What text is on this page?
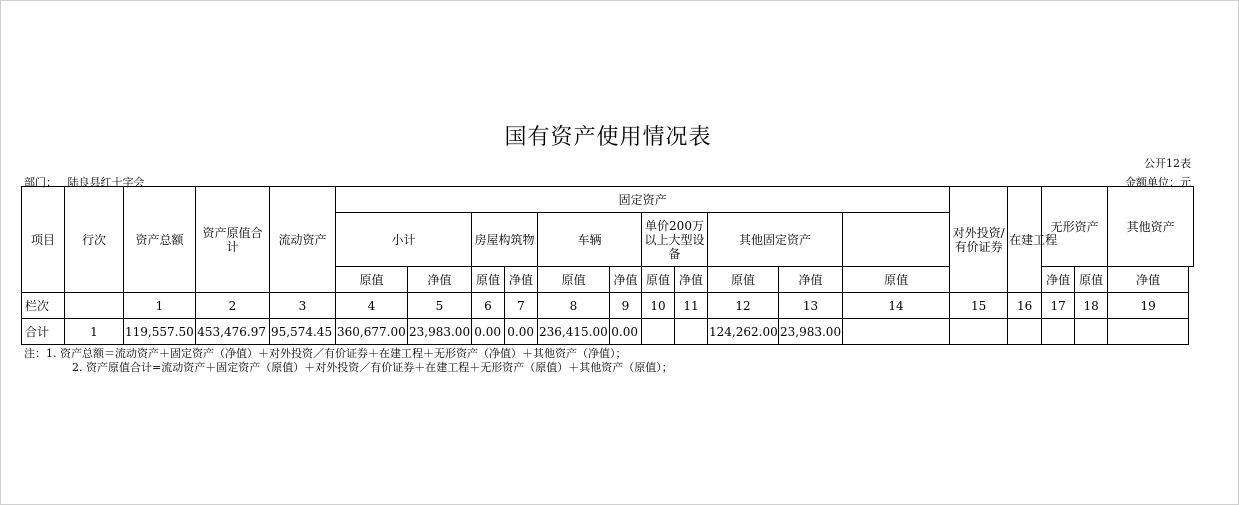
国有资产使用情况表
公开12表
部门： 陆良县红十字会	金额单位：元
项目	行次	资产总额	资产原值合计	流动资产	固定资产											对外投资/有价证券	在建工程	无形资产		其他资产
					小计		房屋构筑物		车辆		单价200万以上大型设备		其他固定资产							
					原值	净值	原值	净值	原值	净值	原值	净值	原值	净值	原值			净值	原值	净值
栏次		1	2	3	4	5	6	7	8	9	10	11	12	13	14	15	16	17	18	19
合计	1	119,557.50	453,476.97	95,574.45	360,677.00	23,983.00	0.00	0.00	236,415.00	0.00			124,262.00	23,983.00						
注：1. 资产总额＝流动资产＋固定资产（净值）＋对外投资／有价证券＋在建工程＋无形资产（净值）＋其他资产（净值）；
2. 资产原值合计=流动资产＋固定资产（原值）＋对外投资／有价证券＋在建工程＋无形资产（原值）＋其他资产（原值）；
